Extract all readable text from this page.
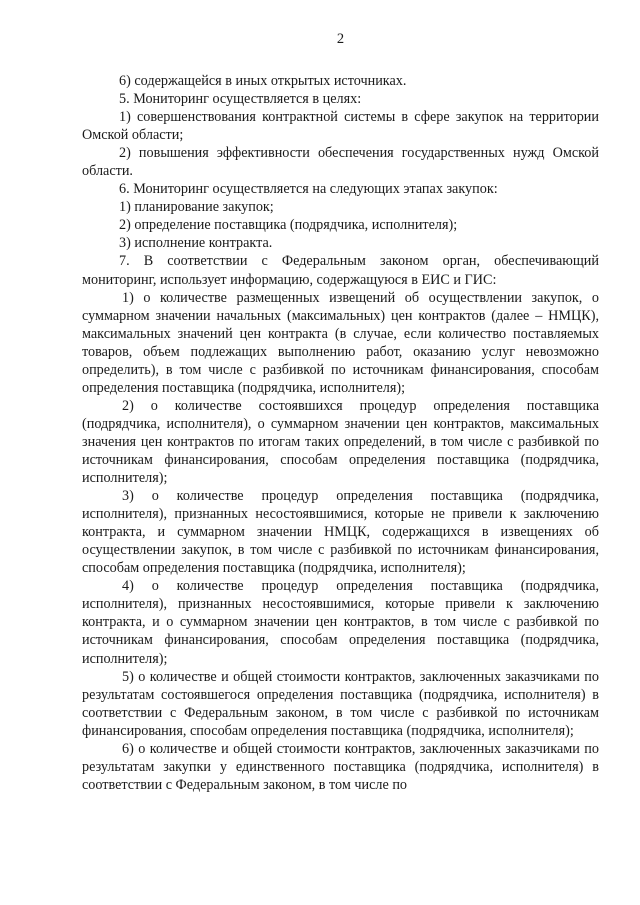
2

6) содержащейся в иных открытых источниках.

5. Мониторинг осуществляется в целях:

1) совершенствования контрактной системы в сфере закупок на территории Омской области;

2) повышения эффективности обеспечения государственных нужд Омской области.

6. Мониторинг осуществляется на следующих этапах закупок:

1) планирование закупок;

2) определение поставщика (подрядчика, исполнителя);

3) исполнение контракта.

7. В соответствии с Федеральным законом орган, обеспечивающий мониторинг, использует информацию, содержащуюся в ЕИС и ГИС:

1) о количестве размещенных извещений об осуществлении закупок, о суммарном значении начальных (максимальных) цен контрактов (далее – НМЦК), максимальных значений цен контракта (в случае, если количество поставляемых товаров, объем подлежащих выполнению работ, оказанию услуг невозможно определить), в том числе с разбивкой по источникам финансирования, способам определения поставщика (подрядчика, исполнителя);

2) о количестве состоявшихся процедур определения поставщика (подрядчика, исполнителя), о суммарном значении цен контрактов, максимальных значения цен контрактов по итогам таких определений, в том числе с разбивкой по источникам финансирования, способам определения поставщика (подрядчика, исполнителя);

3) о количестве процедур определения поставщика (подрядчика, исполнителя), признанных несостоявшимися, которые не привели к заключению контракта, и суммарном значении НМЦК, содержащихся в извещениях об осуществлении закупок, в том числе с разбивкой по источникам финансирования, способам определения поставщика (подрядчика, исполнителя);

4) о количестве процедур определения поставщика (подрядчика, исполнителя), признанных несостоявшимися, которые привели к заключению контракта, и о суммарном значении цен контрактов, в том числе с разбивкой по источникам финансирования, способам определения поставщика (подрядчика, исполнителя);

5) о количестве и общей стоимости контрактов, заключенных заказчиками по результатам состоявшегося определения поставщика (подрядчика, исполнителя) в соответствии с Федеральным законом, в том числе с разбивкой по источникам финансирования, способам определения поставщика (подрядчика, исполнителя);

6) о количестве и общей стоимости контрактов, заключенных заказчиками по результатам закупки у единственного поставщика (подрядчика, исполнителя) в соответствии с Федеральным законом, в том числе по
